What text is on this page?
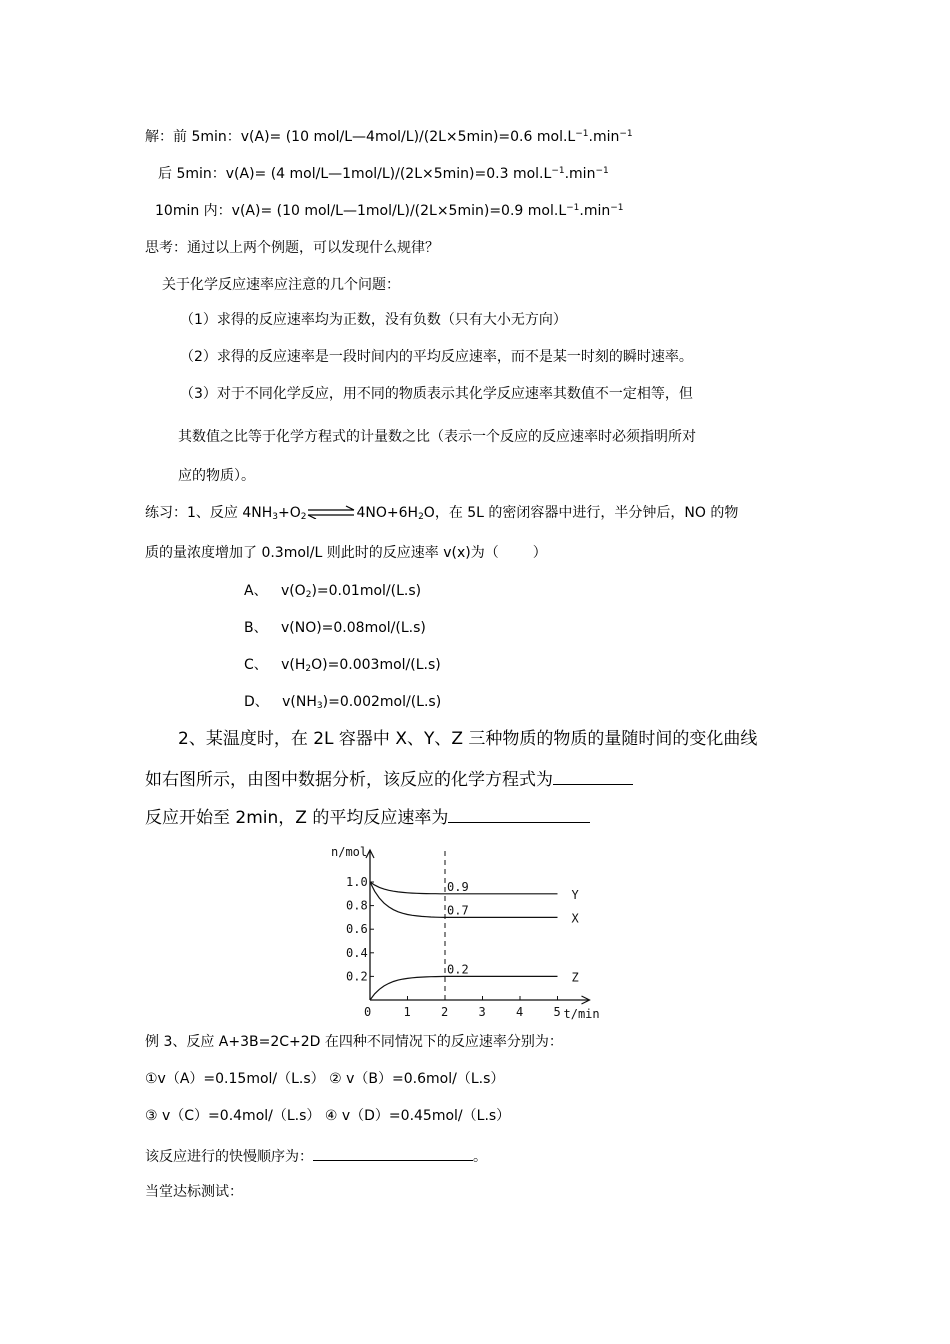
解：前 5min：v(A)= (10 mol/L—4mol/L)/(2L×5min)=0.6 $mol.L^{-1}.\min^{-1}$
后 5min：v(A)= (4 mol/L—1mol/L)/(2L×5min)=0.3 $mol.L^{-1}.\min^{-1}$
10min 内：v(A)= (10 mol/L—1mol/L)/(2L×5min)=0.9 $mol.L^{-1}.\min^{-1}$
思考：通过以上两个例题，可以发现什么规律？
关于化学反应速率应注意的几个问题：
（1）求得的反应速率均为正数，没有负数（只有大小无方向）
（2）求得的反应速率是一段时间内的平均反应速率，而不是某一时刻的瞬时速率。
（3）对于不同化学反应，用不同的物质表示其化学反应速率其数值不一定相等，但
其数值之比等于化学方程式的计量数之比（表示一个反应的反应速率时必须指明所对
应的物质）。
练习：1、反应 $4NH_3+O_2\rightleftharpoons 4NO+6H_2O$，在 5L 的密闭容器中进行，半分钟后，NO 的物
质的量浓度增加了 0.3mol/L 则此时的反应速率 v(x)为（ ）
A、 $v(O_2)=0.01mol/(L.s)$
B、 v(NO)=0.08mol/(L.s)
C、 $v(H_2O)=0.003mol/(L.s)$
D、 $v(NH_3)=0.002mol/(L.s)$
2、某温度时，在 2L 容器中 X、Y、Z 三种物质的物质的量随时间的变化曲线
如右图所示，由图中数据分析，该反应的化学方程式为
反应开始至 2min，Z 的平均反应速率为
n/mol
t/min
0.2
0.4
0.6
0.8
1.0
0	1	2	3	4	5
0.9
Y
0.7
X
0.2
Z
例 3、反应 A+3B=2C+2D 在四种不同情况下的反应速率分别为：
①v（A）=0.15mol/（L.s） ② v（B）=0.6mol/（L.s）
③ v（C）=0.4mol/（L.s） ④ v（D）=0.45mol/（L.s）
该反应进行的快慢顺序为：	。
当堂达标测试：
